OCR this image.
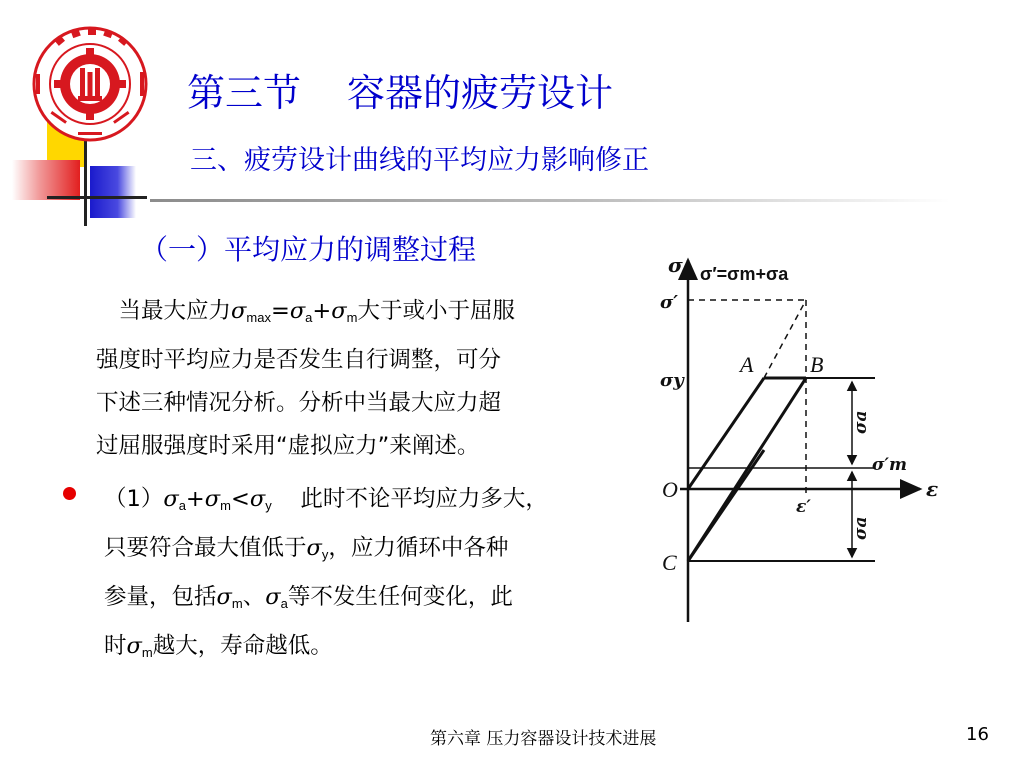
第三节 容器的疲劳设计
三、疲劳设计曲线的平均应力影响修正
（一）平均应力的调整过程

　当最大应力$\sigma_{max}=\sigma_a+\sigma_m$大于或小于屈服

强度时平均应力是否发生自行调整，可分

下述三种情况分析。分析中当最大应力超

过屈服强度时采用“虚拟应力”来阐述。

$(1)\sigma_a+\sigma_m<\sigma_y$ 此时不论平均应力多大，

只要符合最大值低于$\sigma_y$，应力循环中各种

参量，包括$\sigma_m$、$\sigma_a$等不发生任何变化，此

时$\sigma_m$越大，寿命越低。

σ σ′=σm+σa
σ′
σy
A	B
O
C
ε
ε′
σ′m
σa
σa
第六章 压力容器设计技术进展	16
